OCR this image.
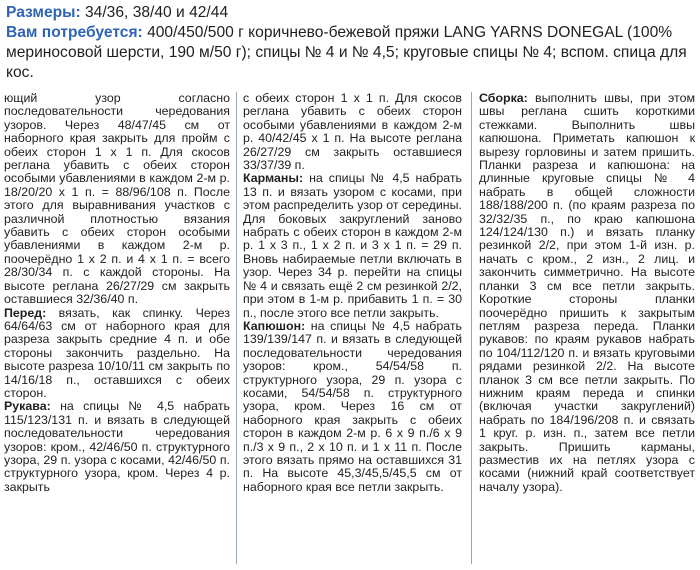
Размеры: 34/36, 38/40 и 42/44

Вам потребуется: 400/450/500 г коричнево-бежевой пряжи LANG YARNS DONEGAL (100% мериносовой шерсти, 190 м/50 г); спицы № 4 и № 4,5; круговые спицы № 4; вспом. спица для кос.

ющий узор согласно последовательности чередования узоров. Через 48/47/45 см от наборного края закрыть для пройм с обеих сторон 1 х 1 п. Для скосов реглана убавить с обеих сторон особыми убавлениями в каждом 2-м р. 18/20/20 х 1 п. = 88/96/108 п. После этого для выравнивания участков с различной плотностью вязания убавить с обеих сторон особыми убавлениями в каждом 2-м р. поочерёдно 1 х 2 п. и 4 х 1 п. = всего 28/30/34 п. с каждой стороны. На высоте реглана 26/27/29 см закрыть оставшиеся 32/36/40 п.

Перед: вязать, как спинку. Через 64/64/63 см от наборного края для разреза закрыть средние 4 п. и обе стороны закончить раздельно. На высоте разреза 10/10/11 см закрыть по 14/16/18 п., оставшихся с обеих сторон.

Рукава: на спицы № 4,5 набрать 115/123/131 п. и вязать в следующей последовательности чередования узоров: кром., 42/46/50 п. структурного узора, 29 п. узора с косами, 42/46/50 п. структурного узора, кром. Через 4 р. закрыть

с обеих сторон 1 х 1 п. Для скосов реглана убавить с обеих сторон особыми убавлениями в каждом 2-м р. 40/42/45 х 1 п. На высоте реглана 26/27/29 см закрыть оставшиеся 33/37/39 п.

Карманы: на спицы № 4,5 набрать 13 п. и вязать узором с косами, при этом распределить узор от середины. Для боковых закруглений заново набрать с обеих сторон в каждом 2-м р. 1 х 3 п., 1 х 2 п. и 3 х 1 п. = 29 п. Вновь набираемые петли включать в узор. Через 34 р. перейти на спицы № 4 и связать ещё 2 см резинкой 2/2, при этом в 1-м р. прибавить 1 п. = 30 п., после этого все петли закрыть.

Капюшон: на спицы № 4,5 набрать 139/139/147 п. и вязать в следующей последовательности чередования узоров: кром., 54/54/58 п. структурного узора, 29 п. узора с косами, 54/54/58 п. структурного узора, кром. Через 16 см от наборного края закрыть с обеих сторон в каждом 2-м р. 6 х 9 п./6 х 9 п./3 х 9 п., 2 х 10 п. и 1 х 11 п. После этого вязать прямо на оставшихся 31 п. На высоте 45,3/45,5/45,5 см от наборного края все петли закрыть.

Сборка: выполнить швы, при этом швы реглана сшить короткими стежками. Выполнить швы капюшона. Приметать капюшон к вырезу горловины и затем пришить. Планки разреза и капюшона: на длинные круговые спицы № 4 набрать в общей сложности 188/188/200 п. (по краям разреза по 32/32/35 п., по краю капюшона 124/124/130 п.) и вязать планку резинкой 2/2, при этом 1-й изн. р. начать с кром., 2 изн., 2 лиц. и закончить симметрично. На высоте планки 3 см все петли закрыть. Короткие стороны планки поочерёдно пришить к закрытым петлям разреза переда. Планки рукавов: по краям рукавов набрать по 104/112/120 п. и вязать круговыми рядами резинкой 2/2. На высоте планок 3 см все петли закрыть. По нижним краям переда и спинки (включая участки закруглений) набрать по 184/196/208 п. и связать 1 круг. р. изн. п., затем все петли закрыть. Пришить карманы, разместив их на петлях узора с косами (нижний край соответствует началу узора).
